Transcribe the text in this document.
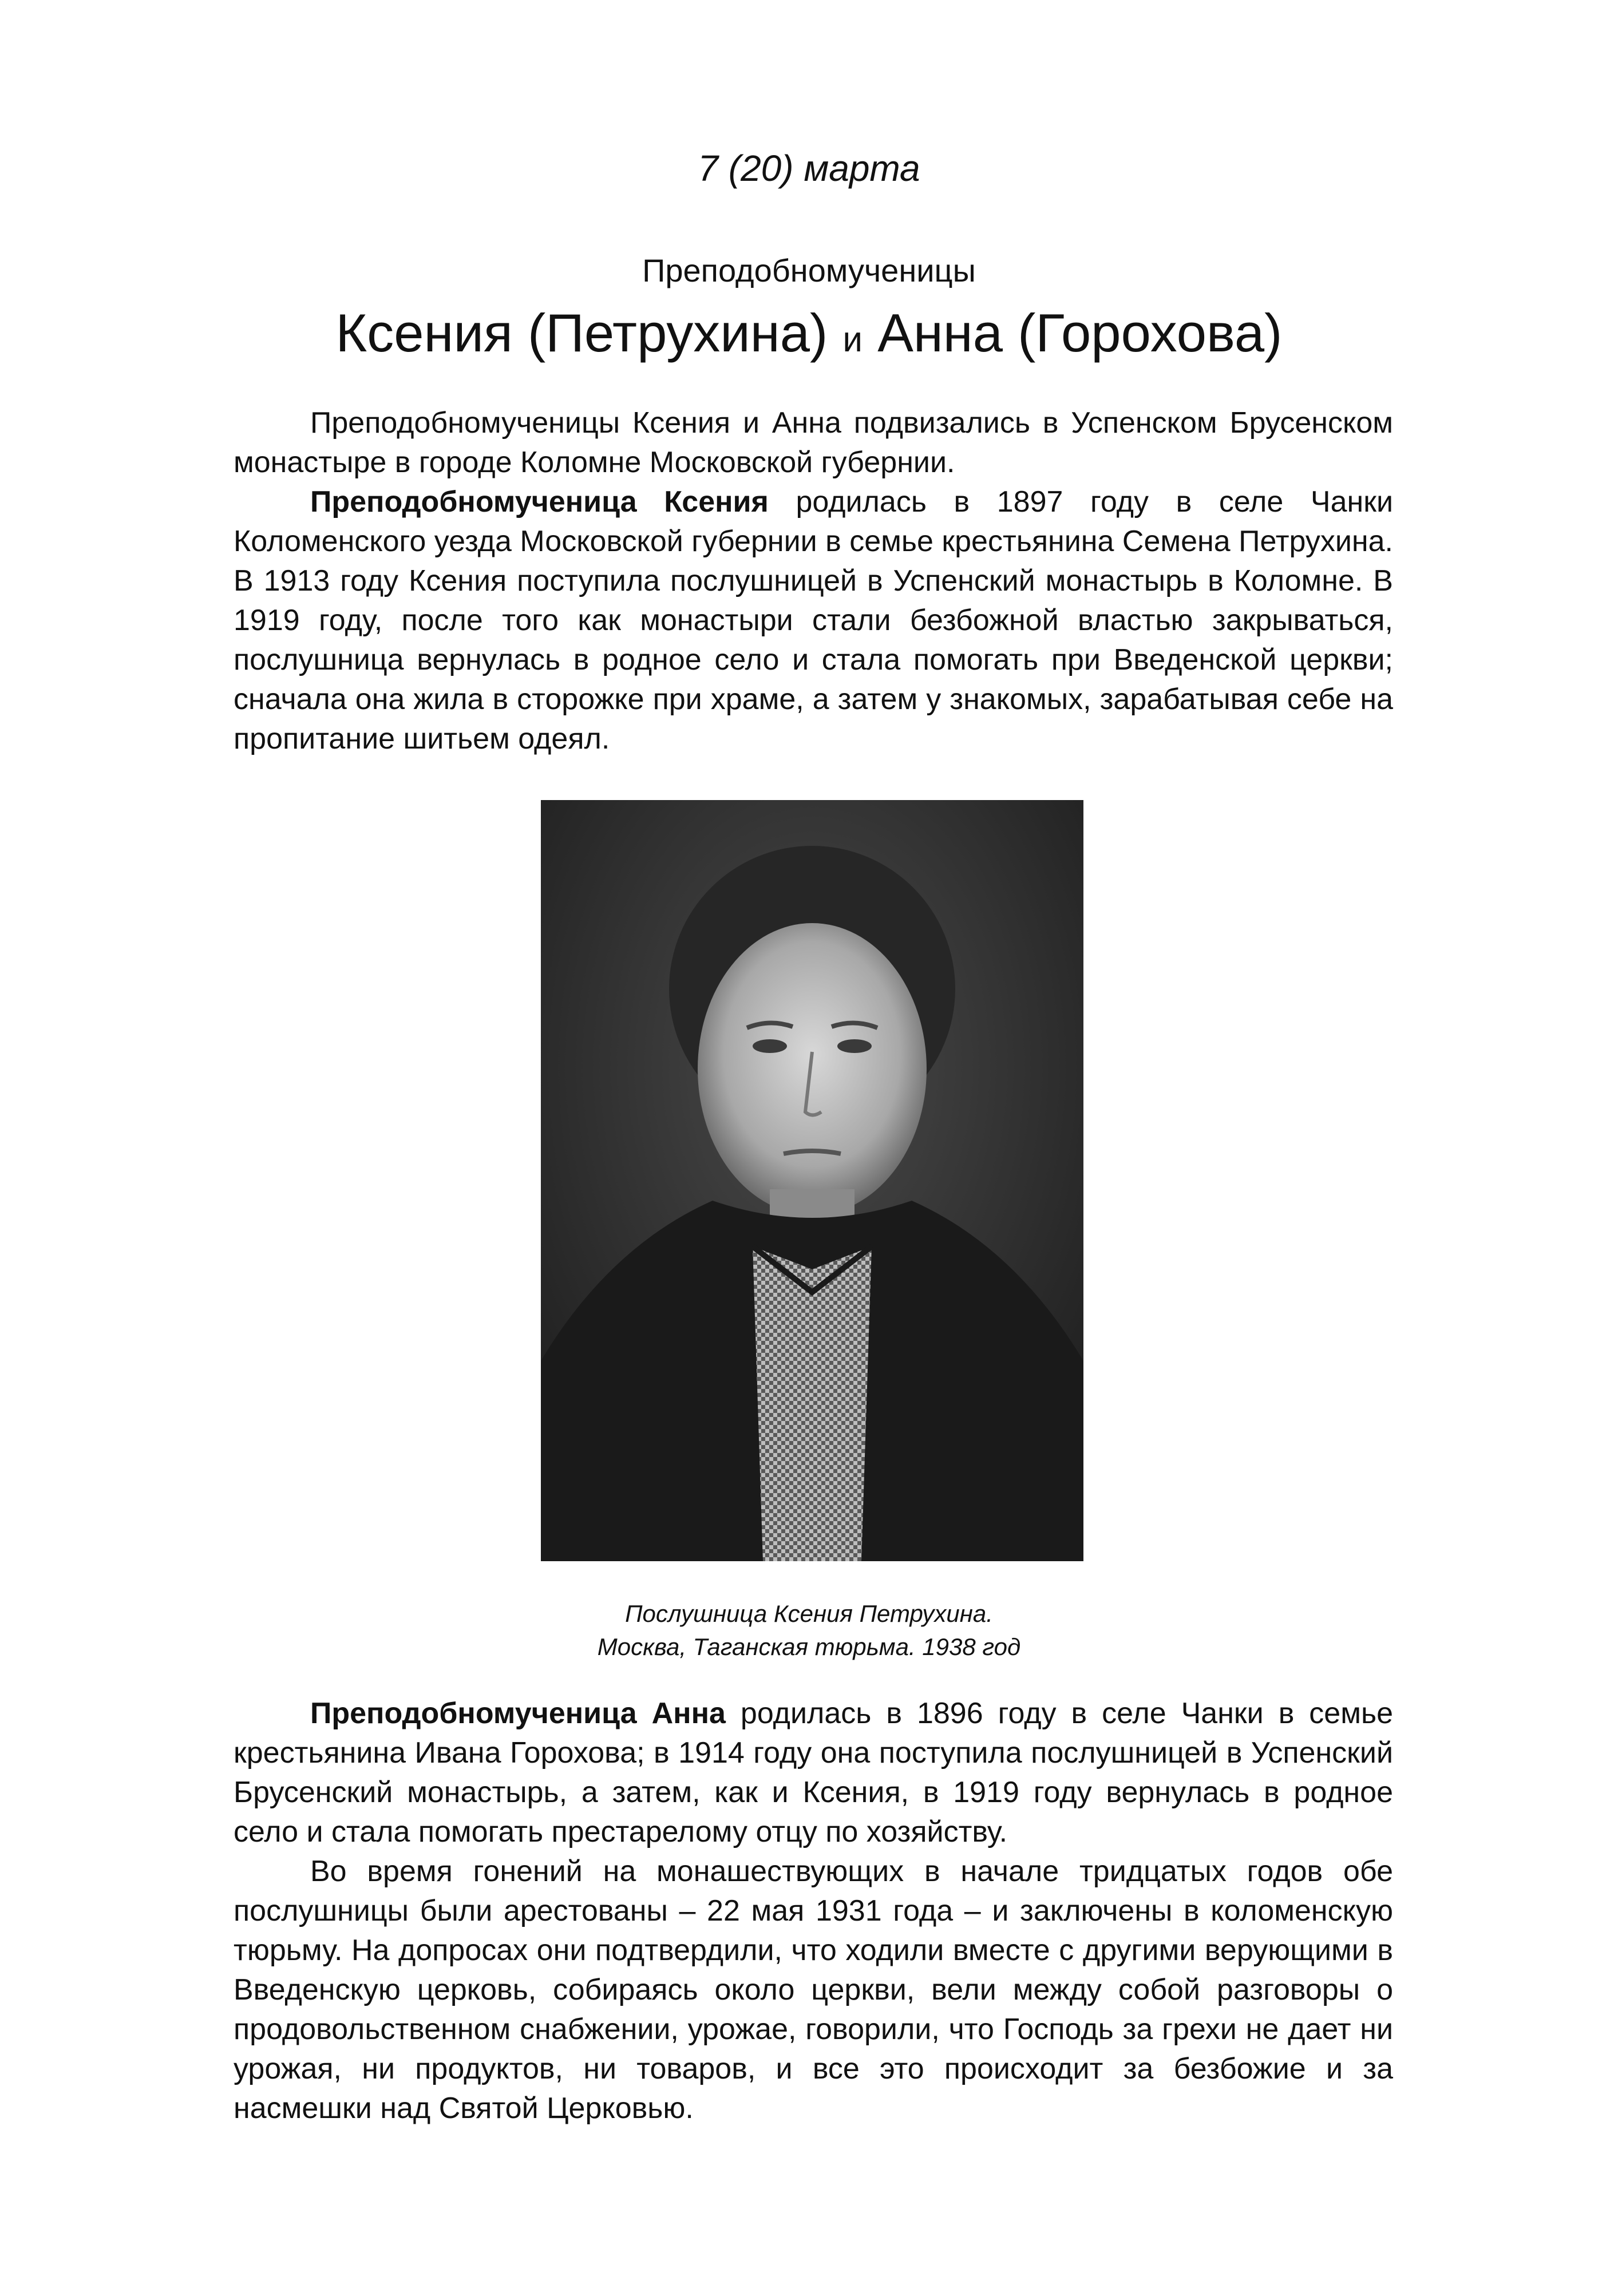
7 (20) марта
Преподобномученицы
Ксения (Петрухина) и Анна (Горохова)

Преподобномученицы Ксения и Анна подвизались в Успенском Брусенском монастыре в городе Коломне Московской губернии.

Преподобномученица Ксения родилась в 1897 году в селе Чанки Коломенского уезда Московской губернии в семье крестьянина Семена Петрухина. В 1913 году Ксения поступила послушницей в Успенский монастырь в Коломне. В 1919 году, после того как монастыри стали безбожной властью закрываться, послушница вернулась в родное село и стала помогать при Введенской церкви; сначала она жила в сторожке при храме, а затем у знакомых, зарабатывая себе на пропитание шитьем одеял.

Послушница Ксения Петрухина.
Москва, Таганская тюрьма. 1938 год

Преподобномученица Анна родилась в 1896 году в селе Чанки в семье крестьянина Ивана Горохова; в 1914 году она поступила послушницей в Успенский Брусенский монастырь, а затем, как и Ксения, в 1919 году вернулась в родное село и стала помогать престарелому отцу по хозяйству.

Во время гонений на монашествующих в начале тридцатых годов обе послушницы были арестованы – 22 мая 1931 года – и заключены в коломенскую тюрьму. На допросах они подтвердили, что ходили вместе с другими верующими в Введенскую церковь, собираясь около церкви, вели между собой разговоры о продовольственном снабжении, урожае, говорили, что Господь за грехи не дает ни урожая, ни продуктов, ни товаров, и все это происходит за безбожие и за насмешки над Святой Церковью.
